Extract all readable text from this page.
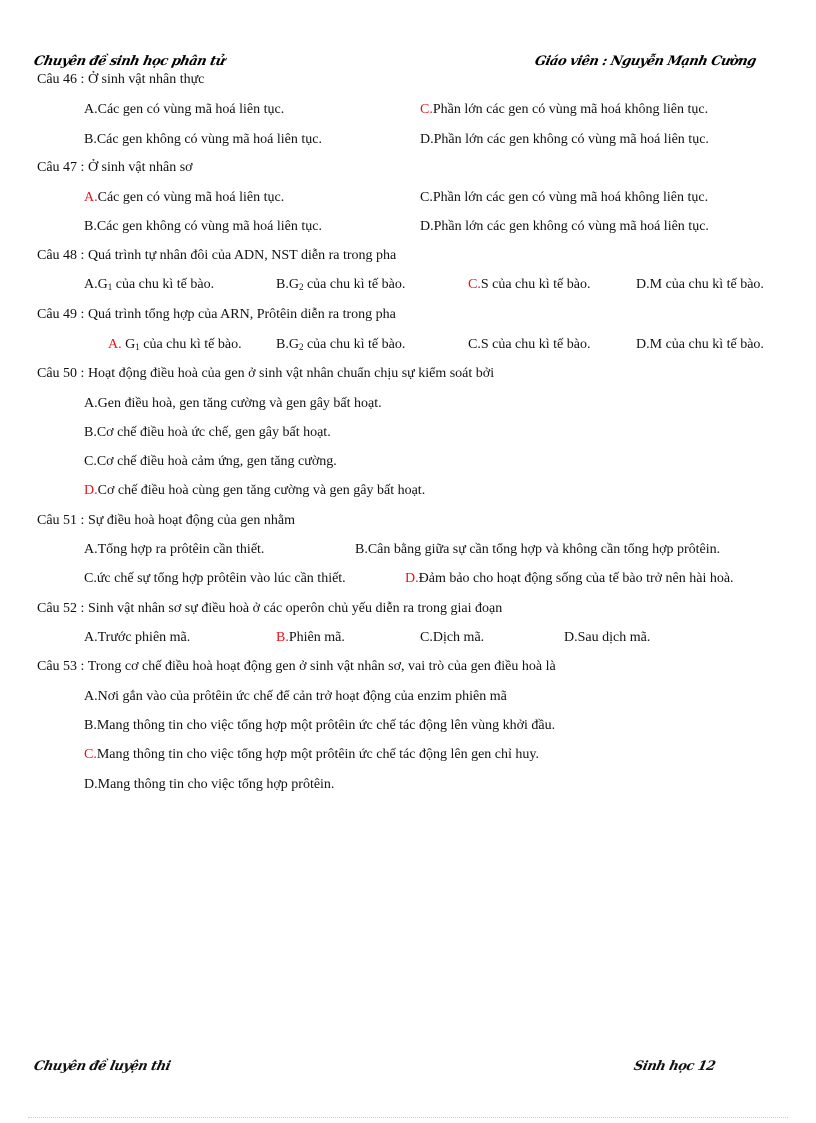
Chuyên đề sinh học phân tử	Giáo viên : Nguyễn Mạnh Cường
Câu 46 : Ở sinh vật nhân thực
A.Các gen có vùng mã hoá liên tục.	C.Phần lớn các gen có vùng mã hoá không liên tục.
B.Các gen không có vùng mã hoá liên tục.	D.Phần lớn các gen không có vùng mã hoá liên tục.
Câu 47 : Ở sinh vật nhân sơ
A.Các gen có vùng mã hoá liên tục.	C.Phần lớn các gen có vùng mã hoá không liên tục.
B.Các gen không có vùng mã hoá liên tục.	D.Phần lớn các gen không có vùng mã hoá liên tục.
Câu 48 : Quá trình tự nhân đôi của ADN, NST diễn ra trong pha
$A.G_1$ của chu kì tế bào.	$B.G_2$ của chu kì tế bào.	C.S của chu kì tế bào.	D.M của chu kì tế bào.
Câu 49 : Quá trình tổng hợp của ARN, Prôtêin diễn ra trong pha
A. $G_1$ của chu kì tế bào. $B.G_2$ của chu kì tế bào.	C.S của chu kì tế bào.	D.M của chu kì tế bào.
Câu 50 : Hoạt động điều hoà của gen ở sinh vật nhân chuẩn chịu sự kiểm soát bởi
A.Gen điều hoà, gen tăng cường và gen gây bất hoạt.
B.Cơ chế điều hoà ức chế, gen gây bất hoạt.
C.Cơ chế điều hoà cảm ứng, gen tăng cường.
D.Cơ chế điều hoà cùng gen tăng cường và gen gây bất hoạt.
Câu 51 : Sự điều hoà hoạt động của gen nhằm
A.Tổng hợp ra prôtêin cần thiết.	B.Cân bằng giữa sự cần tổng hợp và không cần tổng hợp prôtêin.
C.ức chế sự tổng hợp prôtêin vào lúc cần thiết.	D.Đảm bảo cho hoạt động sống của tế bào trở nên hài hoà.
Câu 52 : Sinh vật nhân sơ sự điều hoà ở các operôn chủ yếu diễn ra trong giai đoạn
A.Trước phiên mã.	B.Phiên mã.	C.Dịch mã.	D.Sau dịch mã.
Câu 53 : Trong cơ chế điều hoà hoạt động gen ở sinh vật nhân sơ, vai trò của gen điều hoà là
A.Nơi gắn vào của prôtêin ức chế để cản trở hoạt động của enzim phiên mã
B.Mang thông tin cho việc tổng hợp một prôtêin ức chế tác động lên vùng khởi đầu.
C.Mang thông tin cho việc tổng hợp một prôtêin ức chế tác động lên gen chỉ huy.
D.Mang thông tin cho việc tổng hợp prôtêin.
Chuyên đề luyện thi	Sinh học 12
